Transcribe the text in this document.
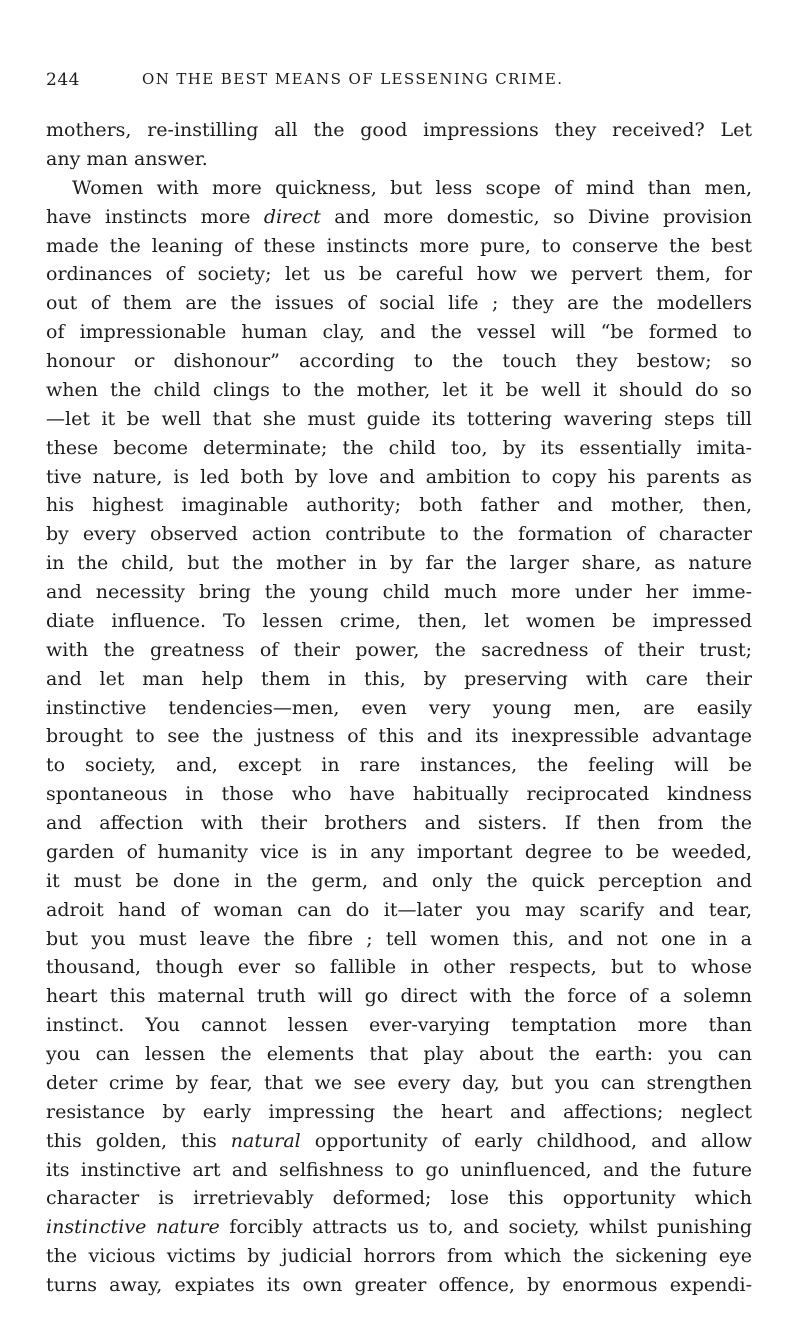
244	ON THE BEST MEANS OF LESSENING CRIME.
mothers, re-instilling all the good impressions they received? Let
any man answer.
Women with more quickness, but less scope of mind than men,
have instincts more direct and more domestic, so Divine provision
made the leaning of these instincts more pure, to conserve the best
ordinances of society; let us be careful how we pervert them, for
out of them are the issues of social life ; they are the modellers
of impressionable human clay, and the vessel will “be formed to
honour or dishonour” according to the touch they bestow; so
when the child clings to the mother, let it be well it should do so
—let it be well that she must guide its tottering wavering steps till
these become determinate; the child too, by its essentially imita-
tive nature, is led both by love and ambition to copy his parents as
his highest imaginable authority; both father and mother, then,
by every observed action contribute to the formation of character
in the child, but the mother in by far the larger share, as nature
and necessity bring the young child much more under her imme-
diate influence. To lessen crime, then, let women be impressed
with the greatness of their power, the sacredness of their trust;
and let man help them in this, by preserving with care their
instinctive tendencies—men, even very young men, are easily
brought to see the justness of this and its inexpressible advantage
to society, and, except in rare instances, the feeling will be
spontaneous in those who have habitually reciprocated kindness
and affection with their brothers and sisters. If then from the
garden of humanity vice is in any important degree to be weeded,
it must be done in the germ, and only the quick perception and
adroit hand of woman can do it—later you may scarify and tear,
but you must leave the fibre ; tell women this, and not one in a
thousand, though ever so fallible in other respects, but to whose
heart this maternal truth will go direct with the force of a solemn
instinct. You cannot lessen ever-varying temptation more than
you can lessen the elements that play about the earth: you can
deter crime by fear, that we see every day, but you can strengthen
resistance by early impressing the heart and affections; neglect
this golden, this natural opportunity of early childhood, and allow
its instinctive art and selfishness to go uninfluenced, and the future
character is irretrievably deformed; lose this opportunity which
instinctive nature forcibly attracts us to, and society, whilst punishing
the vicious victims by judicial horrors from which the sickening eye
turns away, expiates its own greater offence, by enormous expendi-
